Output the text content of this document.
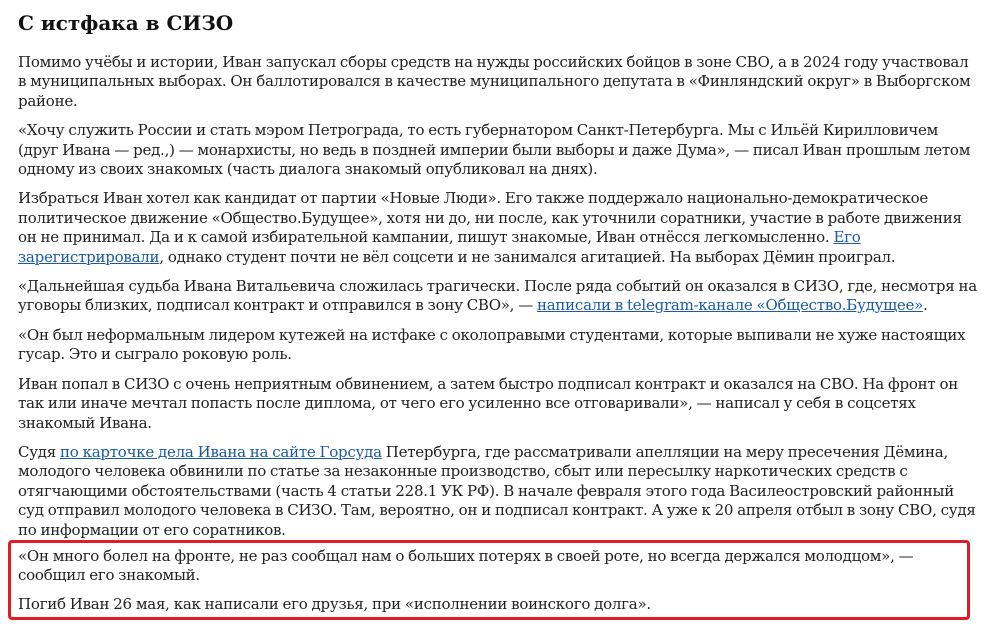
С истфака в СИЗО

Помимо учёбы и истории, Иван запускал сборы средств на нужды российских бойцов в зоне СВО, а в 2024 году участвовал в муниципальных выборах. Он баллотировался в качестве муниципального депутата в «Финляндский округ» в Выборгском районе.

«Хочу служить России и стать мэром Петрограда, то есть губернатором Санкт-Петербурга. Мы с Ильёй Кирилловичем (друг Ивана — ред.,) — монархисты, но ведь в поздней империи были выборы и даже Дума», — писал Иван прошлым летом одному из своих знакомых (часть диалога знакомый опубликовал на днях).

Избраться Иван хотел как кандидат от партии «Новые Люди». Его также поддержало национально-демократическое политическое движение «Общество.Будущее», хотя ни до, ни после, как уточнили соратники, участие в работе движения он не принимал. Да и к самой избирательной кампании, пишут знакомые, Иван отнёсся легкомысленно. Его зарегистрировали, однако студент почти не вёл соцсети и не занимался агитацией. На выборах Дёмин проиграл.

«Дальнейшая судьба Ивана Витальевича сложилась трагически. После ряда событий он оказался в СИЗО, где, несмотря на уговоры близких, подписал контракт и отправился в зону СВО», — написали в telegram-канале «Общество.Будущее».

«Он был неформальным лидером кутежей на истфаке с околоправыми студентами, которые выпивали не хуже настоящих гусар. Это и сыграло роковую роль.

Иван попал в СИЗО с очень неприятным обвинением, а затем быстро подписал контракт и оказался на СВО. На фронт он так или иначе мечтал попасть после диплома, от чего его усиленно все отговаривали», — написал у себя в соцсетях знакомый Ивана.

Судя по карточке дела Ивана на сайте Горсуда Петербурга, где рассматривали апелляции на меру пресечения Дёмина, молодого человека обвинили по статье за незаконные производство, сбыт или пересылку наркотических средств с отягчающими обстоятельствами (часть 4 статьи 228.1 УК РФ). В начале февраля этого года Василеостровский районный суд отправил молодого человека в СИЗО. Там, вероятно, он и подписал контракт. А уже к 20 апреля отбыл в зону СВО, судя по информации от его соратников.

«Он много болел на фронте, не раз сообщал нам о больших потерях в своей роте, но всегда держался молодцом», — сообщил его знакомый.

Погиб Иван 26 мая, как написали его друзья, при «исполнении воинского долга».
